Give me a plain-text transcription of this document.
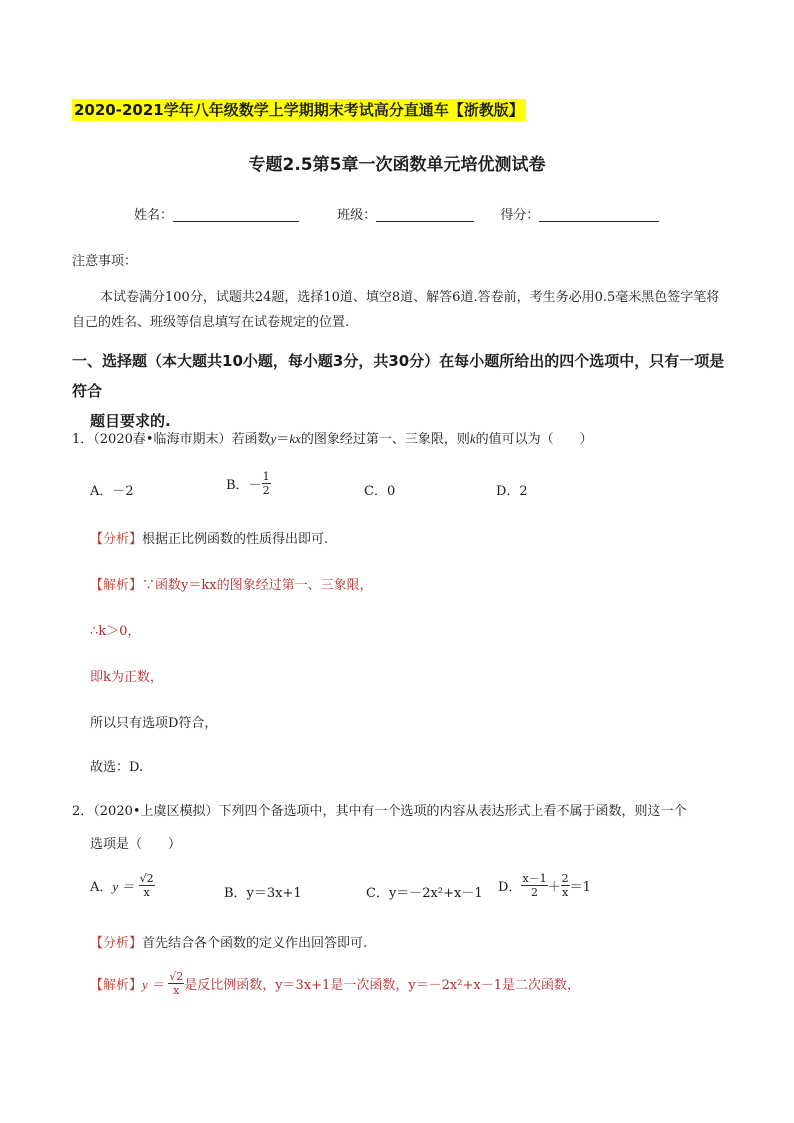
2020-2021学年八年级数学上学期期末考试高分直通车【浙教版】
专题2.5第5章一次函数单元培优测试卷
姓名：	班级：	得分：
注意事项：
本试卷满分100分，试题共24题，选择10道、填空8道、解答6道.答卷前，考生务必用0.5毫米黑色签字笔将自己的姓名、班级等信息填写在试卷规定的位置.
一、选择题（本大题共10小题，每小题3分，共30分）在每小题所给出的四个选项中，只有一项是符合
题目要求的.
1．（2020春•临海市期末）若函数y＝kx的图象经过第一、三象限，则k的值可以为（　　）
A．－2	B．－ $\frac{1}{2}$	C．0	D．2
【分析】根据正比例函数的性质得出即可.
【解析】∵函数y＝kx的图象经过第一、三象限，
∴k＞0，
即k为正数，
所以只有选项D符合，
故选：D.
2．（2020•上虞区模拟）下列四个备选项中，其中有一个选项的内容从表达形式上看不属于函数，则这一个
选项是（　　）
A．$y = \frac{√2}{x}$	B．y＝3x+1	C．y＝－2x²+x－1 D． $\frac{x-1}{2} + \frac{2}{x} =1$
【分析】首先结合各个函数的定义作出回答即可.
【解析】$y = \frac{√2}{x}$ 是反比例函数，y＝3x+1是一次函数，y＝－2x²+x－1是二次函数，
